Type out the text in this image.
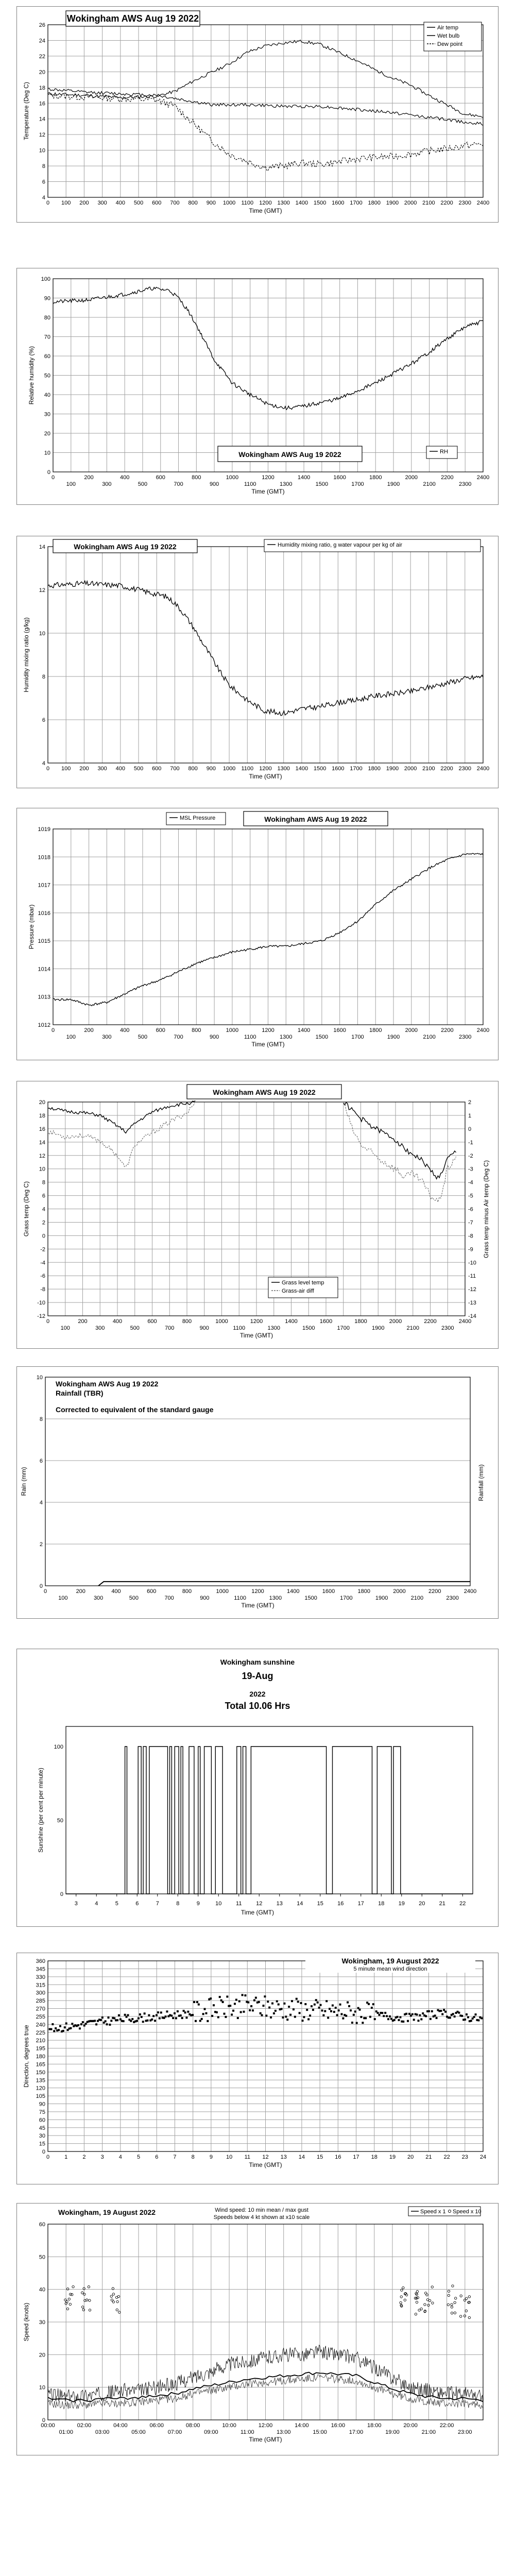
4
6
8
10
12
14
16
18
20
22
24
26
0 100 200 300 400 500 600 700 800 900 1000 1100 1200 1300 1400 1500 1600 1700 1800 1900 2000 2100 2200 2300 2400
Time (GMT)
Temperature (Deg C)
Wokingham AWS Aug 19 2022
Air temp
Wet bulb
Dew point
0
10
20
30
40
50
60
70
80
90
100
0	200	400	600	800	1000	1200	1400	1600	1800	2000	2200	2400
100	300	500	700	900	1100	1300	1500	1700	1900	2100	2300
Time (GMT)
Relative humidity (%)
Wokingham AWS Aug 19 2022	RH
4
6
8
10
12
14
0 100 200 300 400 500 600 700 800 900 1000 1100 1200 1300 1400 1500 1600 1700 1800 1900 2000 2100 2200 2300 2400
Time (GMT)
Humidity mixing ratio (g/kg)
Wokingham AWS Aug 19 2022	Humidity mixing ratio, g water vapour per kg of air
1012
1013
1014
1015
1016
1017
1018
1019
0	200	400	600	800	1000	1200	1400	1600	1800	2000	2200	2400
100	300	500	700	900	1100	1300	1500	1700	1900	2100	2300
Time (GMT)
Pressure (mbar)
MSL Pressure	Wokingham AWS Aug 19 2022
-12
-10
-8
-6
-4
-2
0
2
4
6
8
10
12
14
16
18
20
0	200	400	600	800	1000	1200	1400	1600	1800	2000	2200	2400
100	300	500	700	900	1100	1300	1500	1700	1900	2100	2300
Time (GMT)
Grass temp (Deg C)
-14
-13
-12
-11
-10
-9
-8
-7
-6
-5
-4
-3
-2
-1
0
1
2
Grass temp minus Air temp (Deg C)
Wokingham AWS Aug 19 2022
Grass level temp
Grass-air diff
0
2
4
6
8
10
0	200	400	600	800	1000	1200	1400	1600	1800	2000	2200	2400
100	300	500	700	900	1100	1300	1500	1700	1900	2100	2300
Time (GMT)
Rain (mm)	Rainfall (mm)
Wokingham AWS Aug 19 2022
Rainfall (TBR)
Corrected to equivalent of the standard gauge
0
50
100
3	4	5	6	7	8	9	10	11	12 13 14 15 16 17 18 19 20 21 22
Wokingham sunshine
19-Aug
2022
Total 10.06 Hrs
Time (GMT)
Sunshine (per cent per minute)
0
15
30
45
60
75
90
105
120
135
150
165
180
195
210
225
240
255
270
285
300
315
330
345
360
0	1	2	3	4	5	6	7	8	9 10 11 12 13 14 15 16 17 18 19 20 21 22 23 24
Time (GMT)
Direction, degrees true
Wokingham, 19 August 2022
5 minute mean wind direction
0
10
20
30
40
50
60
00:00	02:00	04:00	06:00	08:00	10:00	12:00	14:00	16:00	18:00	20:00	22:00
01:00	03:00	05:00	07:00	09:00	11:00	13:00	15:00	17:00	19:00	21:00	23:00
Time (GMT)
Speed (knots)
Wokingham, 19 August 2022	Wind speed: 10 min mean / max gust
Speeds below 4 kt shown at x10 scale
Speed x 1 Speed x 10
